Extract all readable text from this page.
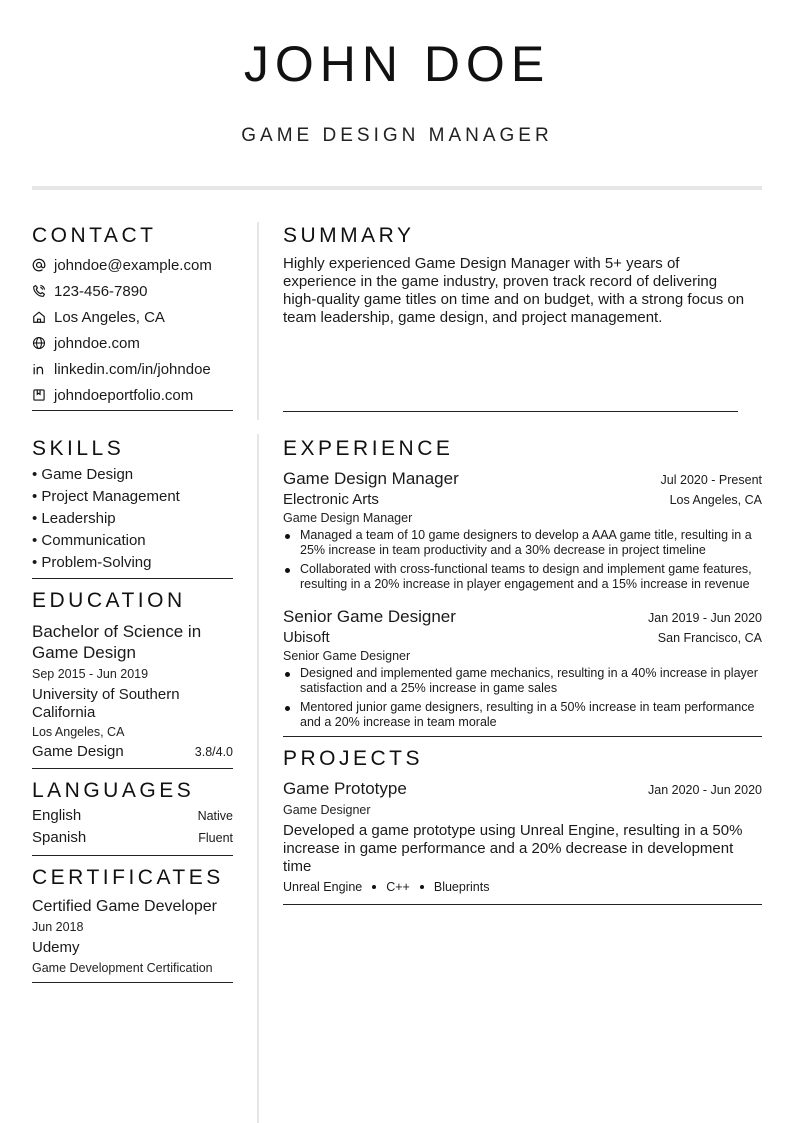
JOHN DOE
GAME DESIGN MANAGER
CONTACT
johndoe@example.com
123-456-7890
Los Angeles, CA
johndoe.com
linkedin.com/in/johndoe
johndoeportfolio.com
SKILLS
• Game Design
• Project Management
• Leadership
• Communication
• Problem-Solving
EDUCATION
Bachelor of Science in Game Design
Sep 2015 - Jun 2019
University of Southern California
Los Angeles, CA
Game Design	3.8/4.0
LANGUAGES
English	Native
Spanish	Fluent
CERTIFICATES
Certified Game Developer
Jun 2018
Udemy
Game Development Certification
SUMMARY
Highly experienced Game Design Manager with 5+ years of experience in the game industry, proven track record of delivering high-quality game titles on time and on budget, with a strong focus on team leadership, game design, and project management.
EXPERIENCE
Game Design Manager	Jul 2020 - Present
Electronic Arts	Los Angeles, CA
Game Design Manager
Managed a team of 10 game designers to develop a AAA game title, resulting in a 25% increase in team productivity and a 30% decrease in project timeline
Collaborated with cross-functional teams to design and implement game features, resulting in a 20% increase in player engagement and a 15% increase in revenue
Senior Game Designer	Jan 2019 - Jun 2020
Ubisoft	San Francisco, CA
Senior Game Designer
Designed and implemented game mechanics, resulting in a 40% increase in player satisfaction and a 25% increase in game sales
Mentored junior game designers, resulting in a 50% increase in team performance and a 20% increase in team morale
PROJECTS
Game Prototype	Jan 2020 - Jun 2020
Game Designer
Developed a game prototype using Unreal Engine, resulting in a 50% increase in game performance and a 20% decrease in development time
Unreal Engine C++ Blueprints
